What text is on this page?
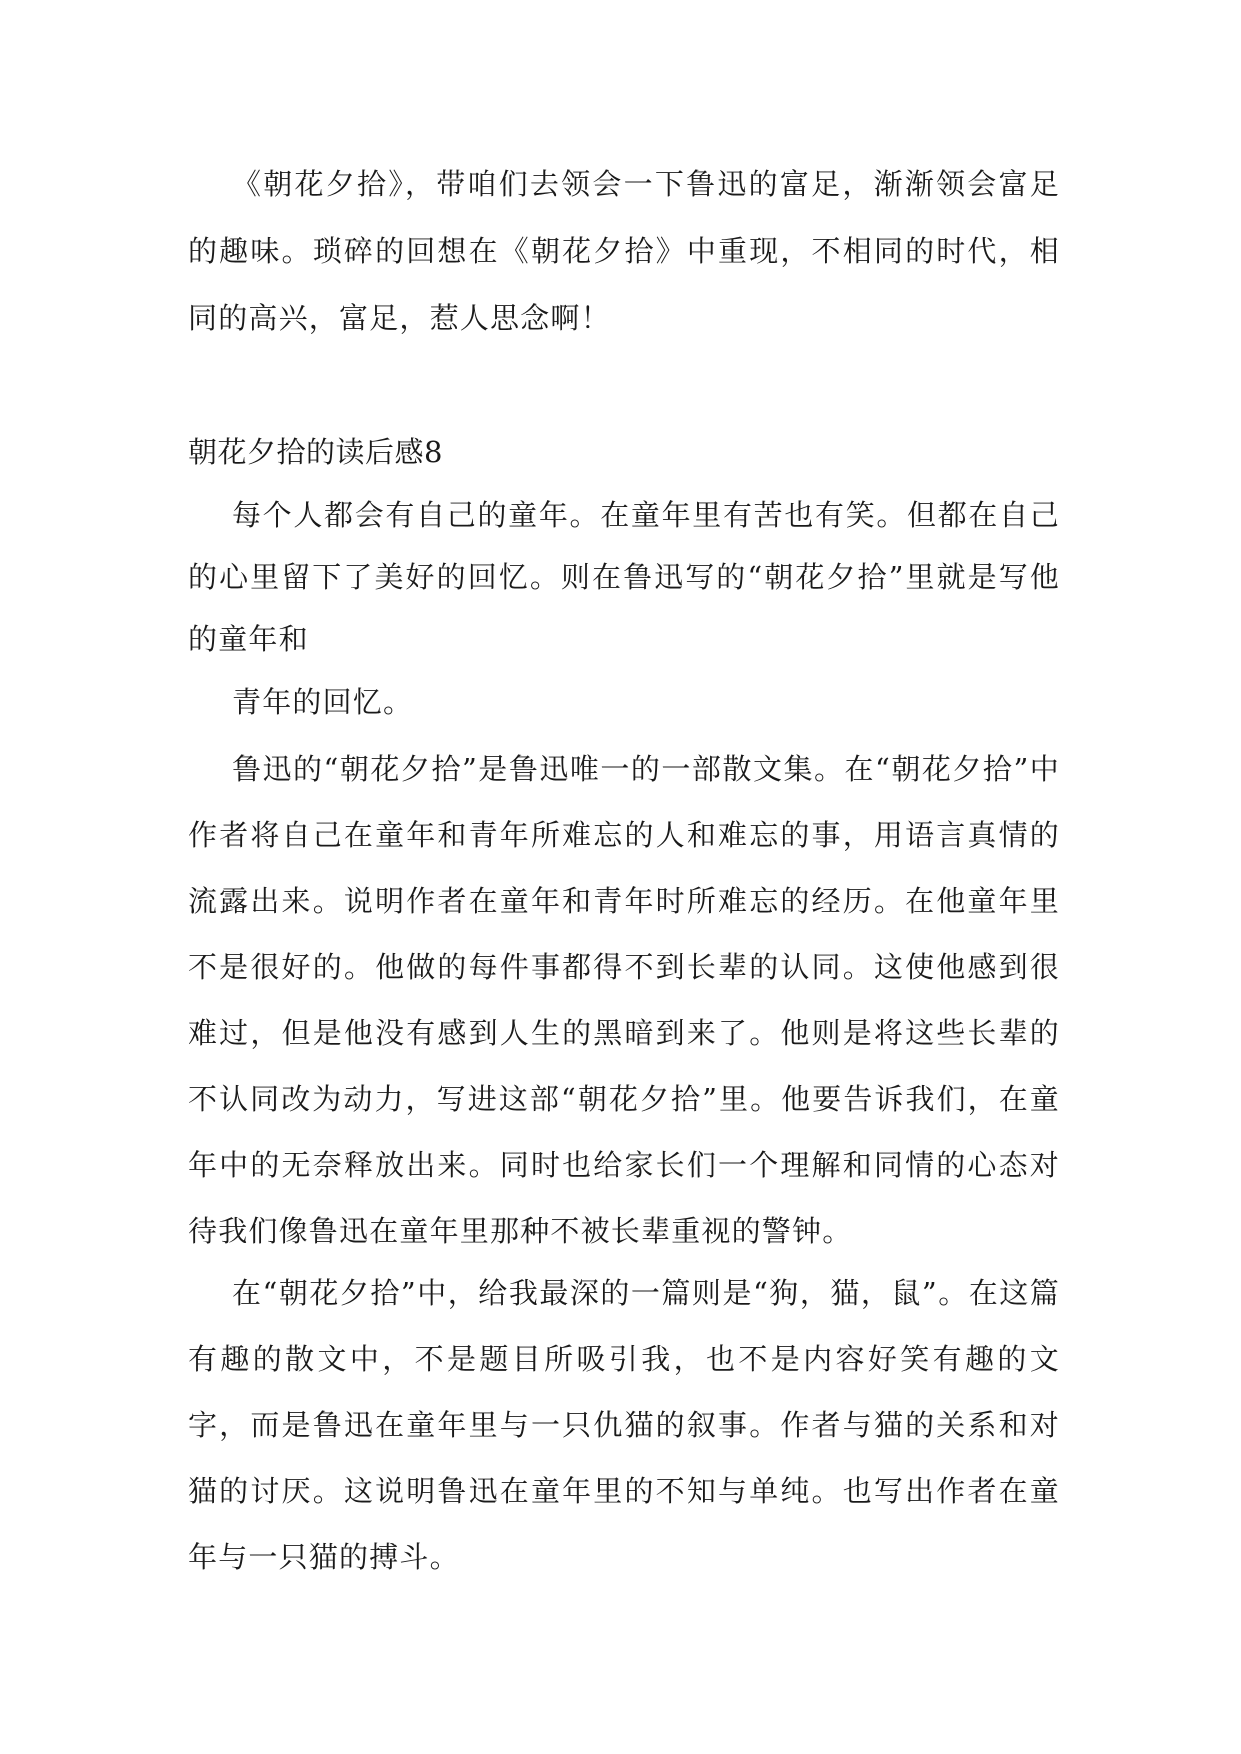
《朝花夕拾》，带咱们去领会一下鲁迅的富足，渐渐领会富足的趣味。琐碎的回想在《朝花夕拾》中重现，不相同的时代，相同的高兴，富足，惹人思念啊！

朝花夕拾的读后感8

每个人都会有自己的童年。在童年里有苦也有笑。但都在自己的心里留下了美好的回忆。则在鲁迅写的“朝花夕拾”里就是写他的童年和

青年的回忆。

鲁迅的“朝花夕拾”是鲁迅唯一的一部散文集。在“朝花夕拾”中作者将自己在童年和青年所难忘的人和难忘的事，用语言真情的流露出来。说明作者在童年和青年时所难忘的经历。在他童年里不是很好的。他做的每件事都得不到长辈的认同。这使他感到很难过，但是他没有感到人生的黑暗到来了。他则是将这些长辈的不认同改为动力，写进这部“朝花夕拾”里。他要告诉我们，在童年中的无奈释放出来。同时也给家长们一个理解和同情的心态对待我们像鲁迅在童年里那种不被长辈重视的警钟。

在“朝花夕拾”中，给我最深的一篇则是“狗，猫，鼠”。在这篇有趣的散文中，不是题目所吸引我，也不是内容好笑有趣的文字，而是鲁迅在童年里与一只仇猫的叙事。作者与猫的关系和对猫的讨厌。这说明鲁迅在童年里的不知与单纯。也写出作者在童年与一只猫的搏斗。
